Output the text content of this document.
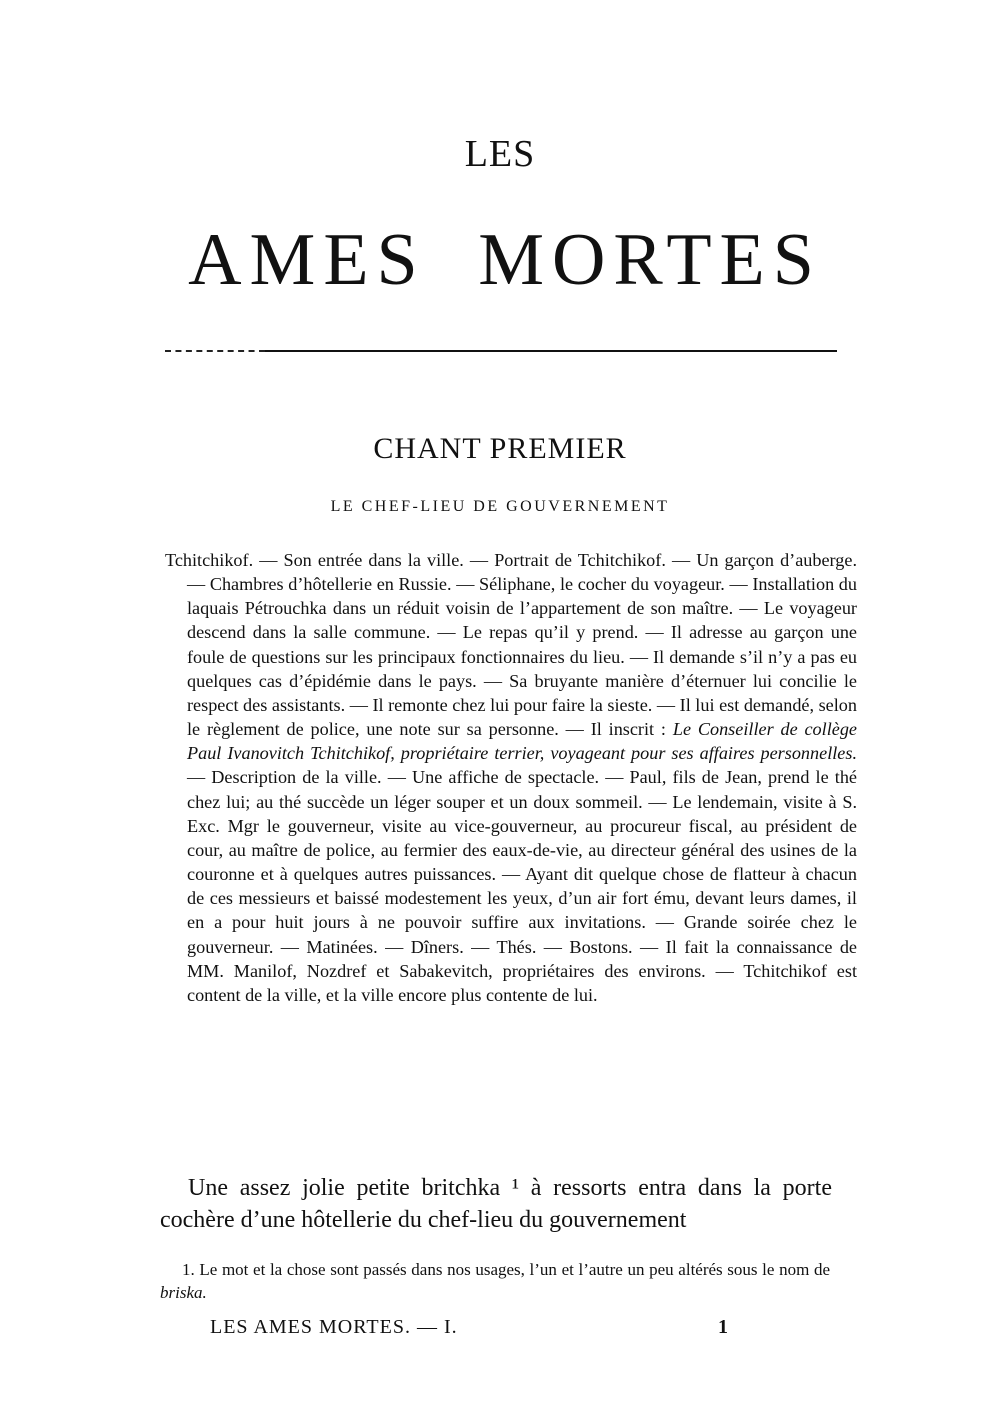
LES
AMES MORTES
CHANT PREMIER
LE CHEF-LIEU DE GOUVERNEMENT
Tchitchikof. — Son entrée dans la ville. — Portrait de Tchitchikof. — Un garçon d’auberge. — Chambres d’hôtellerie en Russie. — Séliphane, le cocher du voyageur. — Installation du laquais Pétrouchka dans un réduit voisin de l’appartement de son maître. — Le voyageur descend dans la salle commune. — Le repas qu’il y prend. — Il adresse au garçon une foule de questions sur les principaux fonctionnaires du lieu. — Il demande s’il n’y a pas eu quelques cas d’épidémie dans le pays. — Sa bruyante manière d’éternuer lui concilie le respect des assistants. — Il remonte chez lui pour faire la sieste. — Il lui est demandé, selon le règlement de police, une note sur sa personne. — Il inscrit : Le Conseiller de collège Paul Ivanovitch Tchitchikof, propriétaire terrier, voyageant pour ses affaires personnelles. — Description de la ville. — Une affiche de spectacle. — Paul, fils de Jean, prend le thé chez lui; au thé succède un léger souper et un doux sommeil. — Le lendemain, visite à S. Exc. Mgr le gouverneur, visite au vice-gouverneur, au procureur fiscal, au président de cour, au maître de police, au fermier des eaux-de-vie, au directeur général des usines de la couronne et à quelques autres puissances. — Ayant dit quelque chose de flatteur à chacun de ces messieurs et baissé modestement les yeux, d’un air fort ému, devant leurs dames, il en a pour huit jours à ne pouvoir suffire aux invitations. — Grande soirée chez le gouverneur. — Matinées. — Dîners. — Thés. — Bostons. — Il fait la connaissance de MM. Manilof, Nozdref et Sabakevitch, propriétaires des environs. — Tchitchikof est content de la ville, et la ville encore plus contente de lui.
Une assez jolie petite britchka ¹ à ressorts entra dans la porte cochère d’une hôtellerie du chef-lieu du gouvernement
1. Le mot et la chose sont passés dans nos usages, l’un et l’autre un peu altérés sous le nom de briska.
LES AMES MORTES. — I.	1
